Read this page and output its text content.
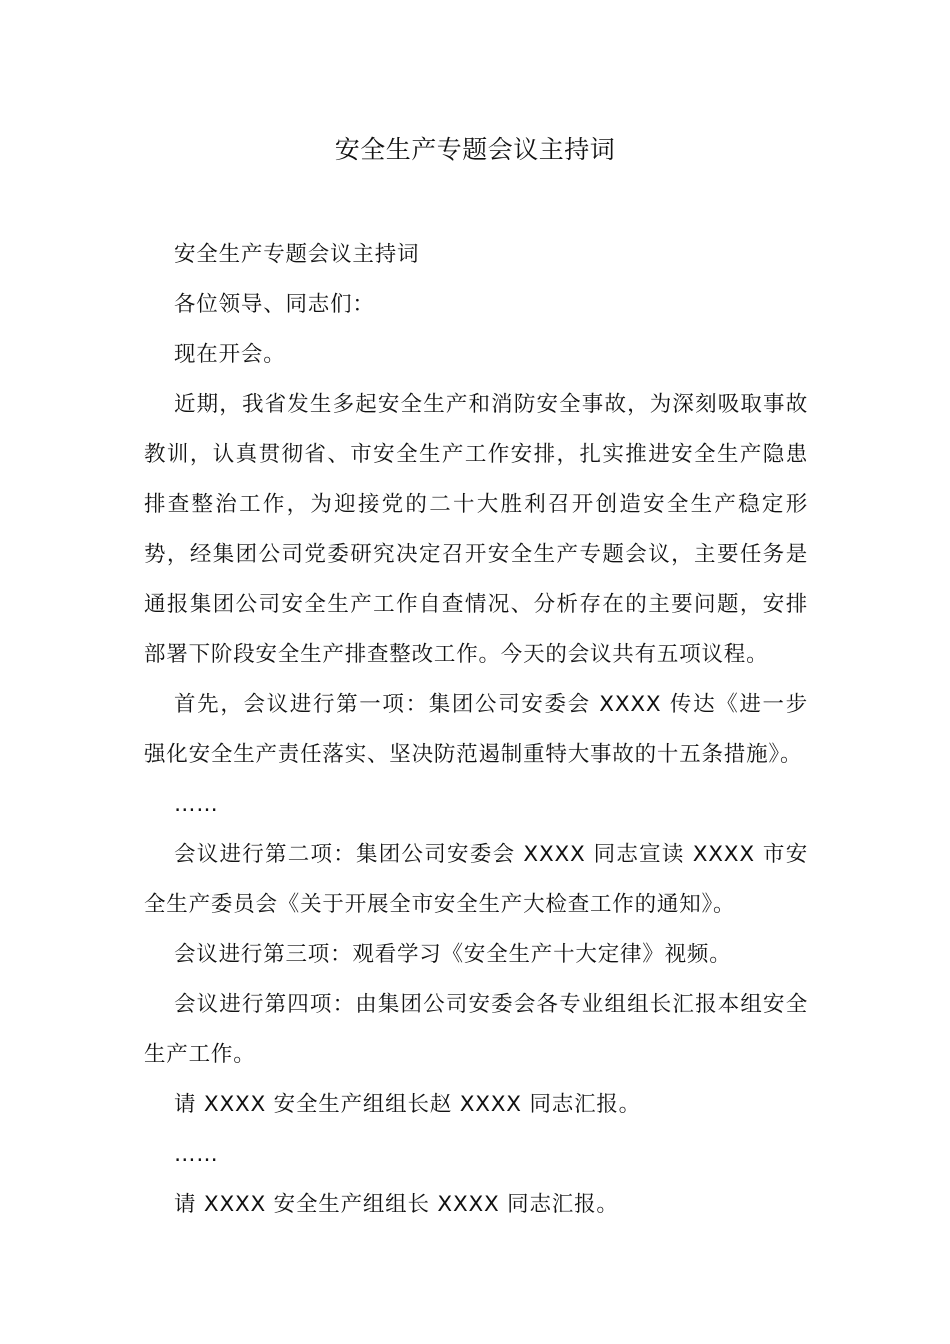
安全生产专题会议主持词

安全生产专题会议主持词

各位领导、同志们：

现在开会。

近期，我省发生多起安全生产和消防安全事故，为深刻吸取事故教训，认真贯彻省、市安全生产工作安排，扎实推进安全生产隐患排查整治工作，为迎接党的二十大胜利召开创造安全生产稳定形势，经集团公司党委研究决定召开安全生产专题会议，主要任务是通报集团公司安全生产工作自查情况、分析存在的主要问题，安排部署下阶段安全生产排查整改工作。今天的会议共有五项议程。

首先，会议进行第一项：集团公司安委会 XXXX 传达《进一步强化安全生产责任落实、坚决防范遏制重特大事故的十五条措施》。

……

会议进行第二项：集团公司安委会 XXXX 同志宣读 XXXX 市安全生产委员会《关于开展全市安全生产大检查工作的通知》。

会议进行第三项：观看学习《安全生产十大定律》视频。

会议进行第四项：由集团公司安委会各专业组组长汇报本组安全生产工作。

请 XXXX 安全生产组组长赵 XXXX 同志汇报。

……

请 XXXX 安全生产组组长 XXXX 同志汇报。
